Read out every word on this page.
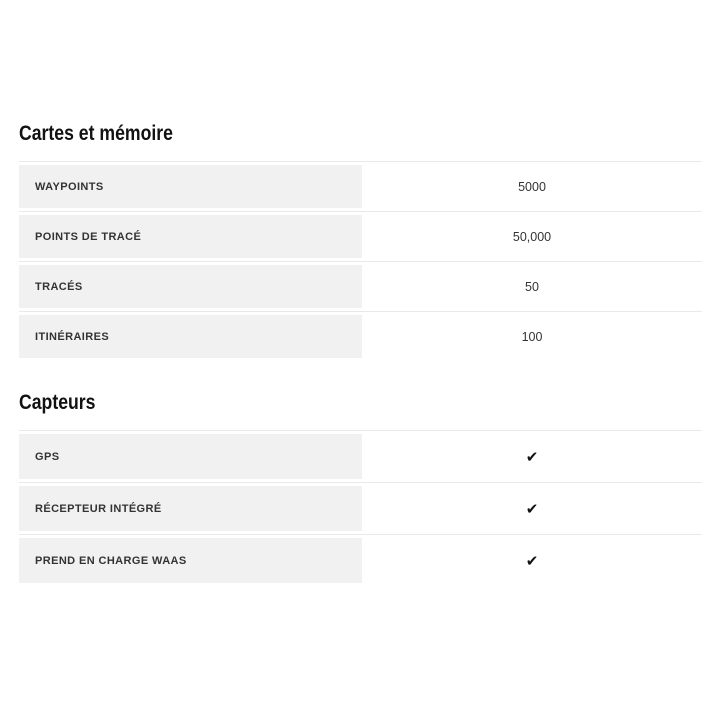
Cartes et mémoire
WAYPOINTS	5000
POINTS DE TRACÉ	50,000
TRACÉS	50
ITINÉRAIRES	100
Capteurs
GPS	✔
RÉCEPTEUR INTÉGRÉ	✔
PREND EN CHARGE WAAS	✔
